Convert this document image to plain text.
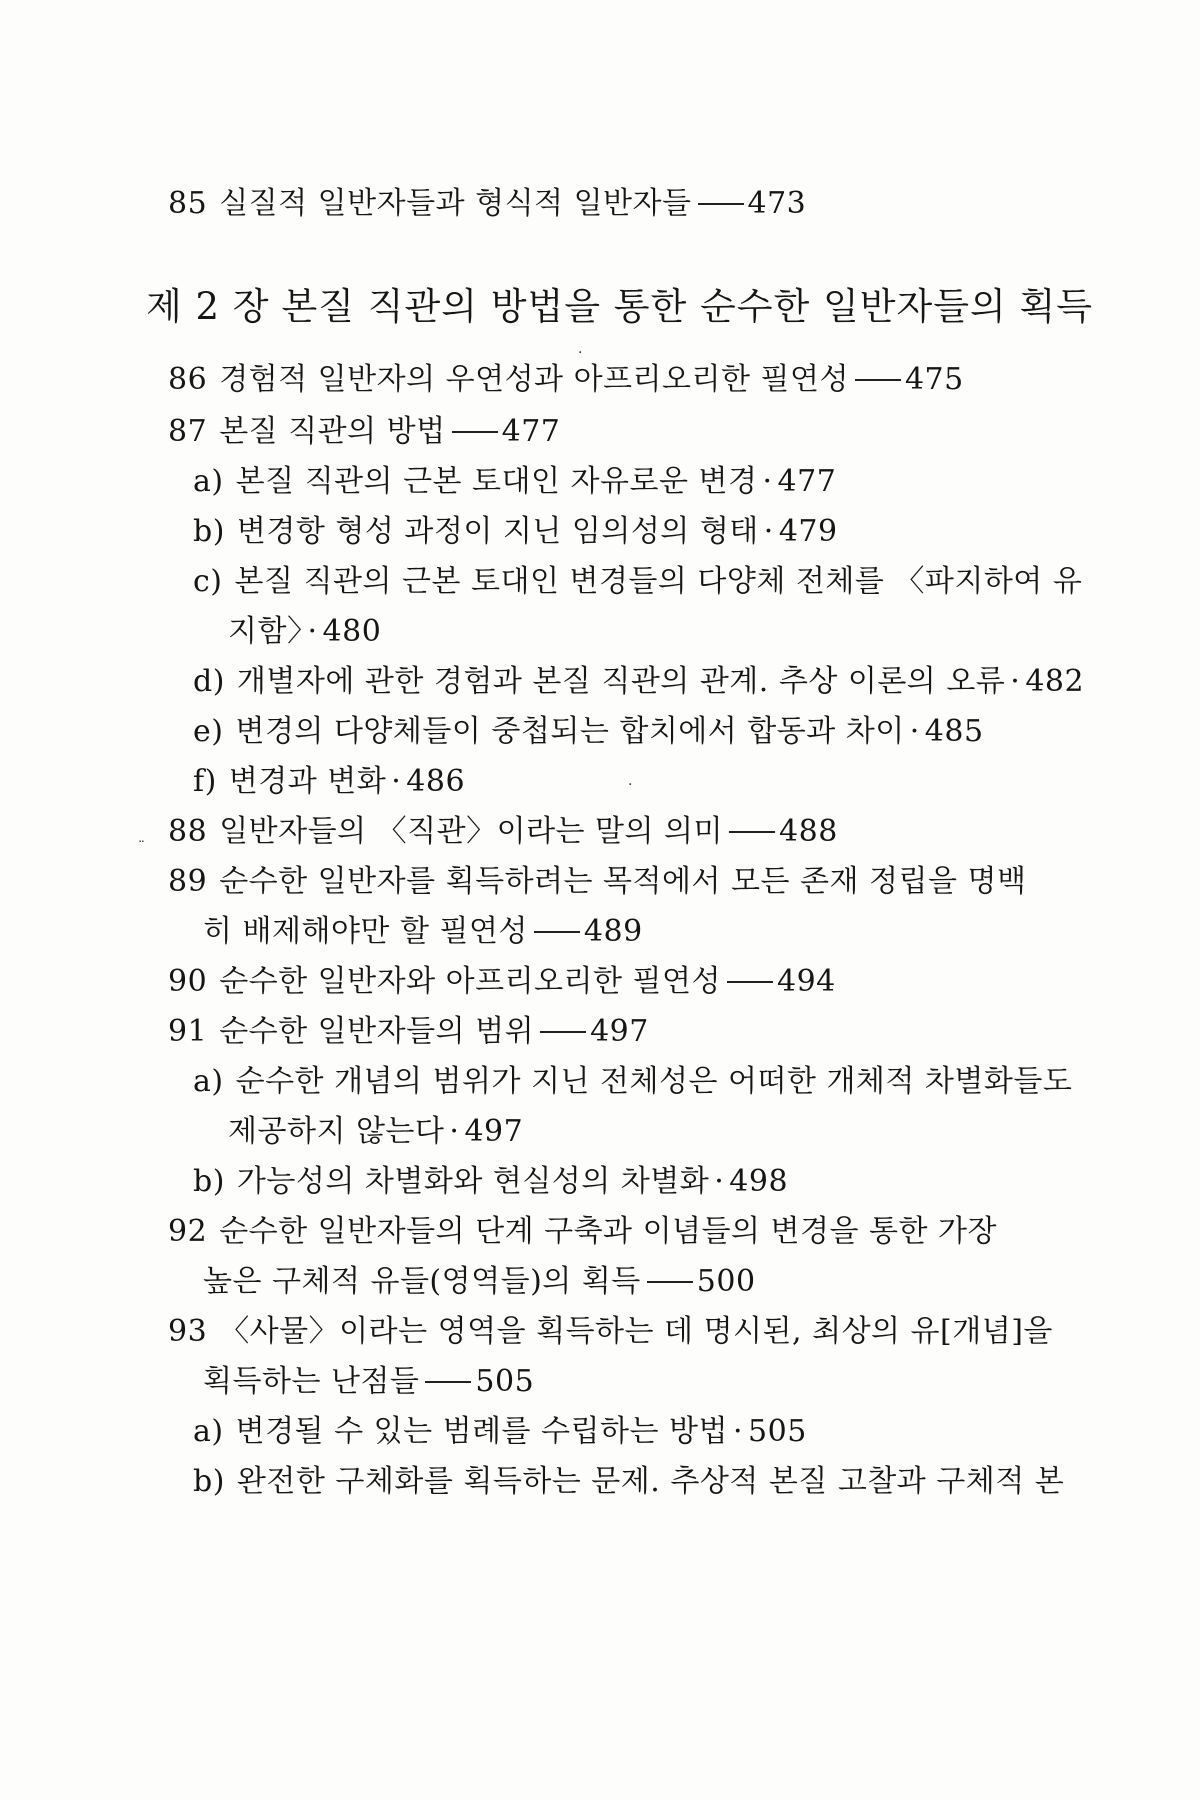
85 실질적 일반자들과 형식적 일반자들 473
제 2 장 본질 직관의 방법을 통한 순수한 일반자들의 획득
86 경험적 일반자의 우연성과 아프리오리한 필연성 475
87 본질 직관의 방법 477
a) 본질 직관의 근본 토대인 자유로운 변경 · 477
b) 변경항 형성 과정이 지닌 임의성의 형태 · 479
c) 본질 직관의 근본 토대인 변경들의 다양체 전체를 〈파지하여 유
지함〉 · 480
d) 개별자에 관한 경험과 본질 직관의 관계. 추상 이론의 오류 · 482
e) 변경의 다양체들이 중첩되는 합치에서 합동과 차이 · 485
f) 변경과 변화 · 486
88 일반자들의 〈직관〉이라는 말의 의미 488
89 순수한 일반자를 획득하려는 목적에서 모든 존재 정립을 명백
히 배제해야만 할 필연성 489
90 순수한 일반자와 아프리오리한 필연성 494
91 순수한 일반자들의 범위 497
a) 순수한 개념의 범위가 지닌 전체성은 어떠한 개체적 차별화들도
제공하지 않는다 · 497
b) 가능성의 차별화와 현실성의 차별화 · 498
92 순수한 일반자들의 단계 구축과 이념들의 변경을 통한 가장
높은 구체적 유들(영역들)의 획득 500
93 〈사물〉이라는 영역을 획득하는 데 명시된, 최상의 유[개념]을
획득하는 난점들 505
a) 변경될 수 있는 범례를 수립하는 방법 · 505
b) 완전한 구체화를 획득하는 문제. 추상적 본질 고찰과 구체적 본
¨
·
·
